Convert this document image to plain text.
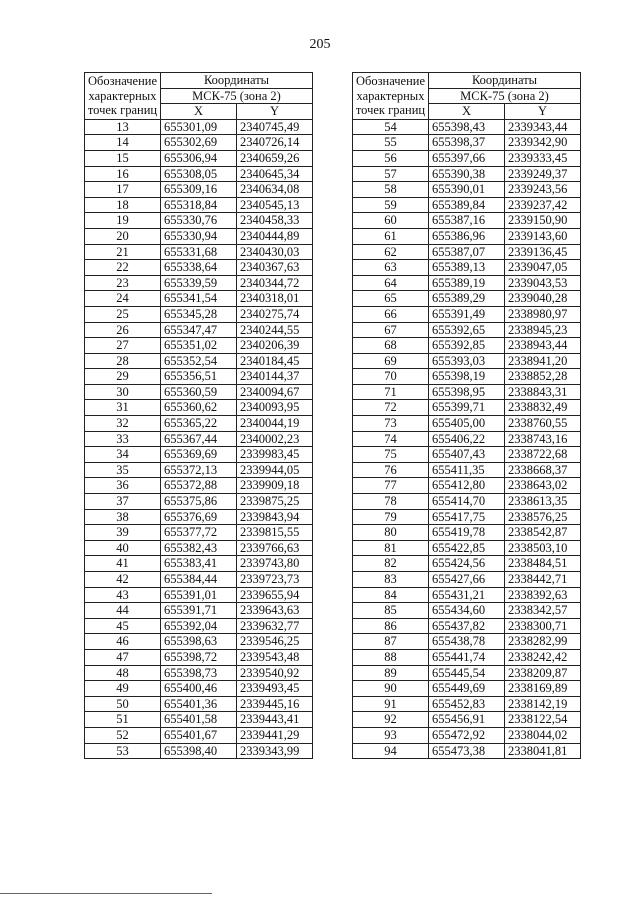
205
Обозначение
характерных
точек границ	Координаты	
	МСК-75 (зона 2)	
	X	Y
13	655301,09	2340745,49
14	655302,69	2340726,14
15	655306,94	2340659,26
16	655308,05	2340645,34
17	655309,16	2340634,08
18	655318,84	2340545,13
19	655330,76	2340458,33
20	655330,94	2340444,89
21	655331,68	2340430,03
22	655338,64	2340367,63
23	655339,59	2340344,72
24	655341,54	2340318,01
25	655345,28	2340275,74
26	655347,47	2340244,55
27	655351,02	2340206,39
28	655352,54	2340184,45
29	655356,51	2340144,37
30	655360,59	2340094,67
31	655360,62	2340093,95
32	655365,22	2340044,19
33	655367,44	2340002,23
34	655369,69	2339983,45
35	655372,13	2339944,05
36	655372,88	2339909,18
37	655375,86	2339875,25
38	655376,69	2339843,94
39	655377,72	2339815,55
40	655382,43	2339766,63
41	655383,41	2339743,80
42	655384,44	2339723,73
43	655391,01	2339655,94
44	655391,71	2339643,63
45	655392,04	2339632,77
46	655398,63	2339546,25
47	655398,72	2339543,48
48	655398,73	2339540,92
49	655400,46	2339493,45
50	655401,36	2339445,16
51	655401,58	2339443,41
52	655401,67	2339441,29
53	655398,40	2339343,99
Обозначение
характерных
точек границ	Координаты	
	МСК-75 (зона 2)	
	X	Y
54	655398,43	2339343,44
55	655398,37	2339342,90
56	655397,66	2339333,45
57	655390,38	2339249,37
58	655390,01	2339243,56
59	655389,84	2339237,42
60	655387,16	2339150,90
61	655386,96	2339143,60
62	655387,07	2339136,45
63	655389,13	2339047,05
64	655389,19	2339043,53
65	655389,29	2339040,28
66	655391,49	2338980,97
67	655392,65	2338945,23
68	655392,85	2338943,44
69	655393,03	2338941,20
70	655398,19	2338852,28
71	655398,95	2338843,31
72	655399,71	2338832,49
73	655405,00	2338760,55
74	655406,22	2338743,16
75	655407,43	2338722,68
76	655411,35	2338668,37
77	655412,80	2338643,02
78	655414,70	2338613,35
79	655417,75	2338576,25
80	655419,78	2338542,87
81	655422,85	2338503,10
82	655424,56	2338484,51
83	655427,66	2338442,71
84	655431,21	2338392,63
85	655434,60	2338342,57
86	655437,82	2338300,71
87	655438,78	2338282,99
88	655441,74	2338242,42
89	655445,54	2338209,87
90	655449,69	2338169,89
91	655452,83	2338142,19
92	655456,91	2338122,54
93	655472,92	2338044,02
94	655473,38	2338041,81
